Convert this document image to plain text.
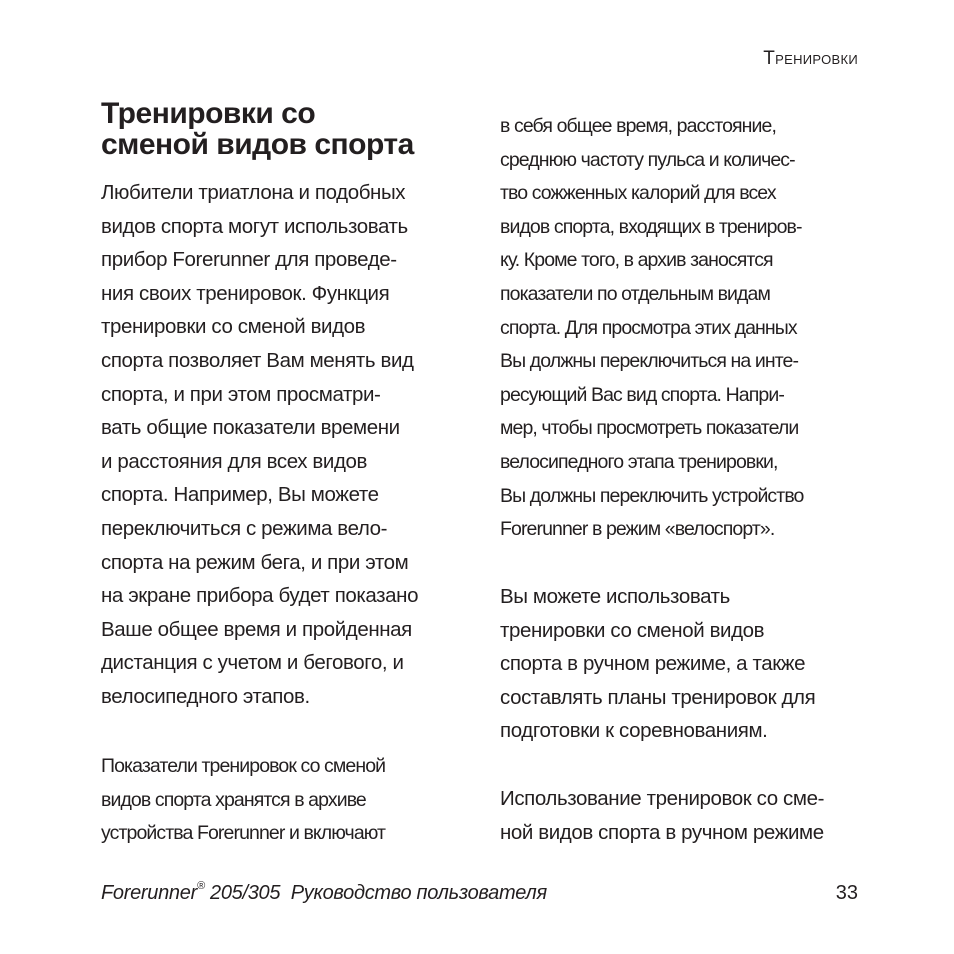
Тренировки
Тренировки со
сменой видов спорта

Любители триатлона и подобных
видов спорта могут использовать
прибор Forerunner для проведе-
ния своих тренировок. Функция
тренировки со сменой видов
спорта позволяет Вам менять вид
спорта, и при этом просматри-
вать общие показатели времени
и расстояния для всех видов
спорта. Например, Вы можете
переключиться с режима вело-
спорта на режим бега, и при этом
на экране прибора будет показано
Ваше общее время и пройденная
дистанция с учетом и бегового, и
велосипедного этапов.

Показатели тренировок со сменой
видов спорта хранятся в архиве
устройства Forerunner и включают

в себя общее время, расстояние,
среднюю частоту пульса и количес-
тво сожженных калорий для всех
видов спорта, входящих в трениров-
ку. Кроме того, в архив заносятся
показатели по отдельным видам
спорта. Для просмотра этих данных
Вы должны переключиться на инте-
ресующий Вас вид спорта. Напри-
мер, чтобы просмотреть показатели
велосипедного этапа тренировки,
Вы должны переключить устройство
Forerunner в режим «велоспорт».

Вы можете использовать
тренировки со сменой видов
спорта в ручном режиме, а также
составлять планы тренировок для
подготовки к соревнованиям.

Использование тренировок со сме-
ной видов спорта в ручном режиме

Forerunner® 205/305  Руководство пользователя	33
